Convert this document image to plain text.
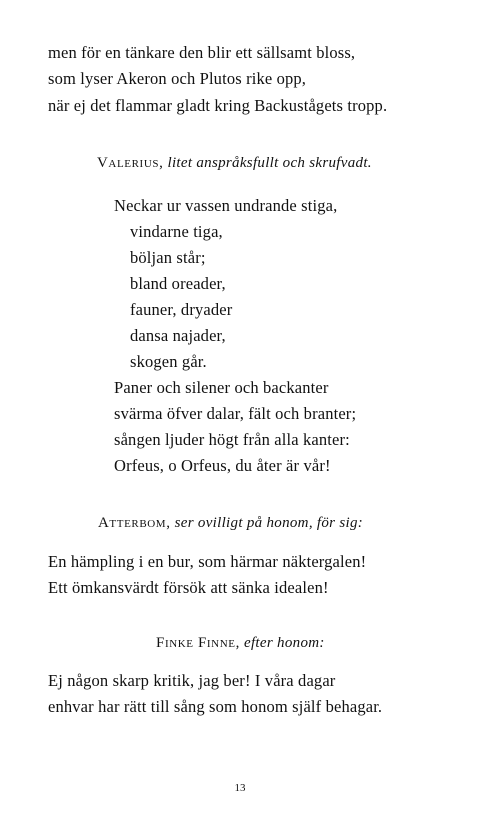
men för en tänkare den blir ett sällsamt bloss,
som lyser Akeron och Plutos rike opp,
när ej det flammar gladt kring Backustågets tropp.
Valerius, litet anspråksfullt och skrufvadt.
Neckar ur vassen undrande stiga,
vindarne tiga,
böljan står;
bland oreader,
fauner, dryader
dansa najader,
skogen går.
Paner och silener och backanter
svärma öfver dalar, fält och branter;
sången ljuder högt från alla kanter:
Orfeus, o Orfeus, du åter är vår!
Atterbom, ser ovilligt på honom, för sig:
En hämpling i en bur, som härmar näktergalen!
Ett ömkansvärdt försök att sänka idealen!
Finke Finne, efter honom:
Ej någon skarp kritik, jag ber! I våra dagar
enhvar har rätt till sång som honom själf behagar.
13
